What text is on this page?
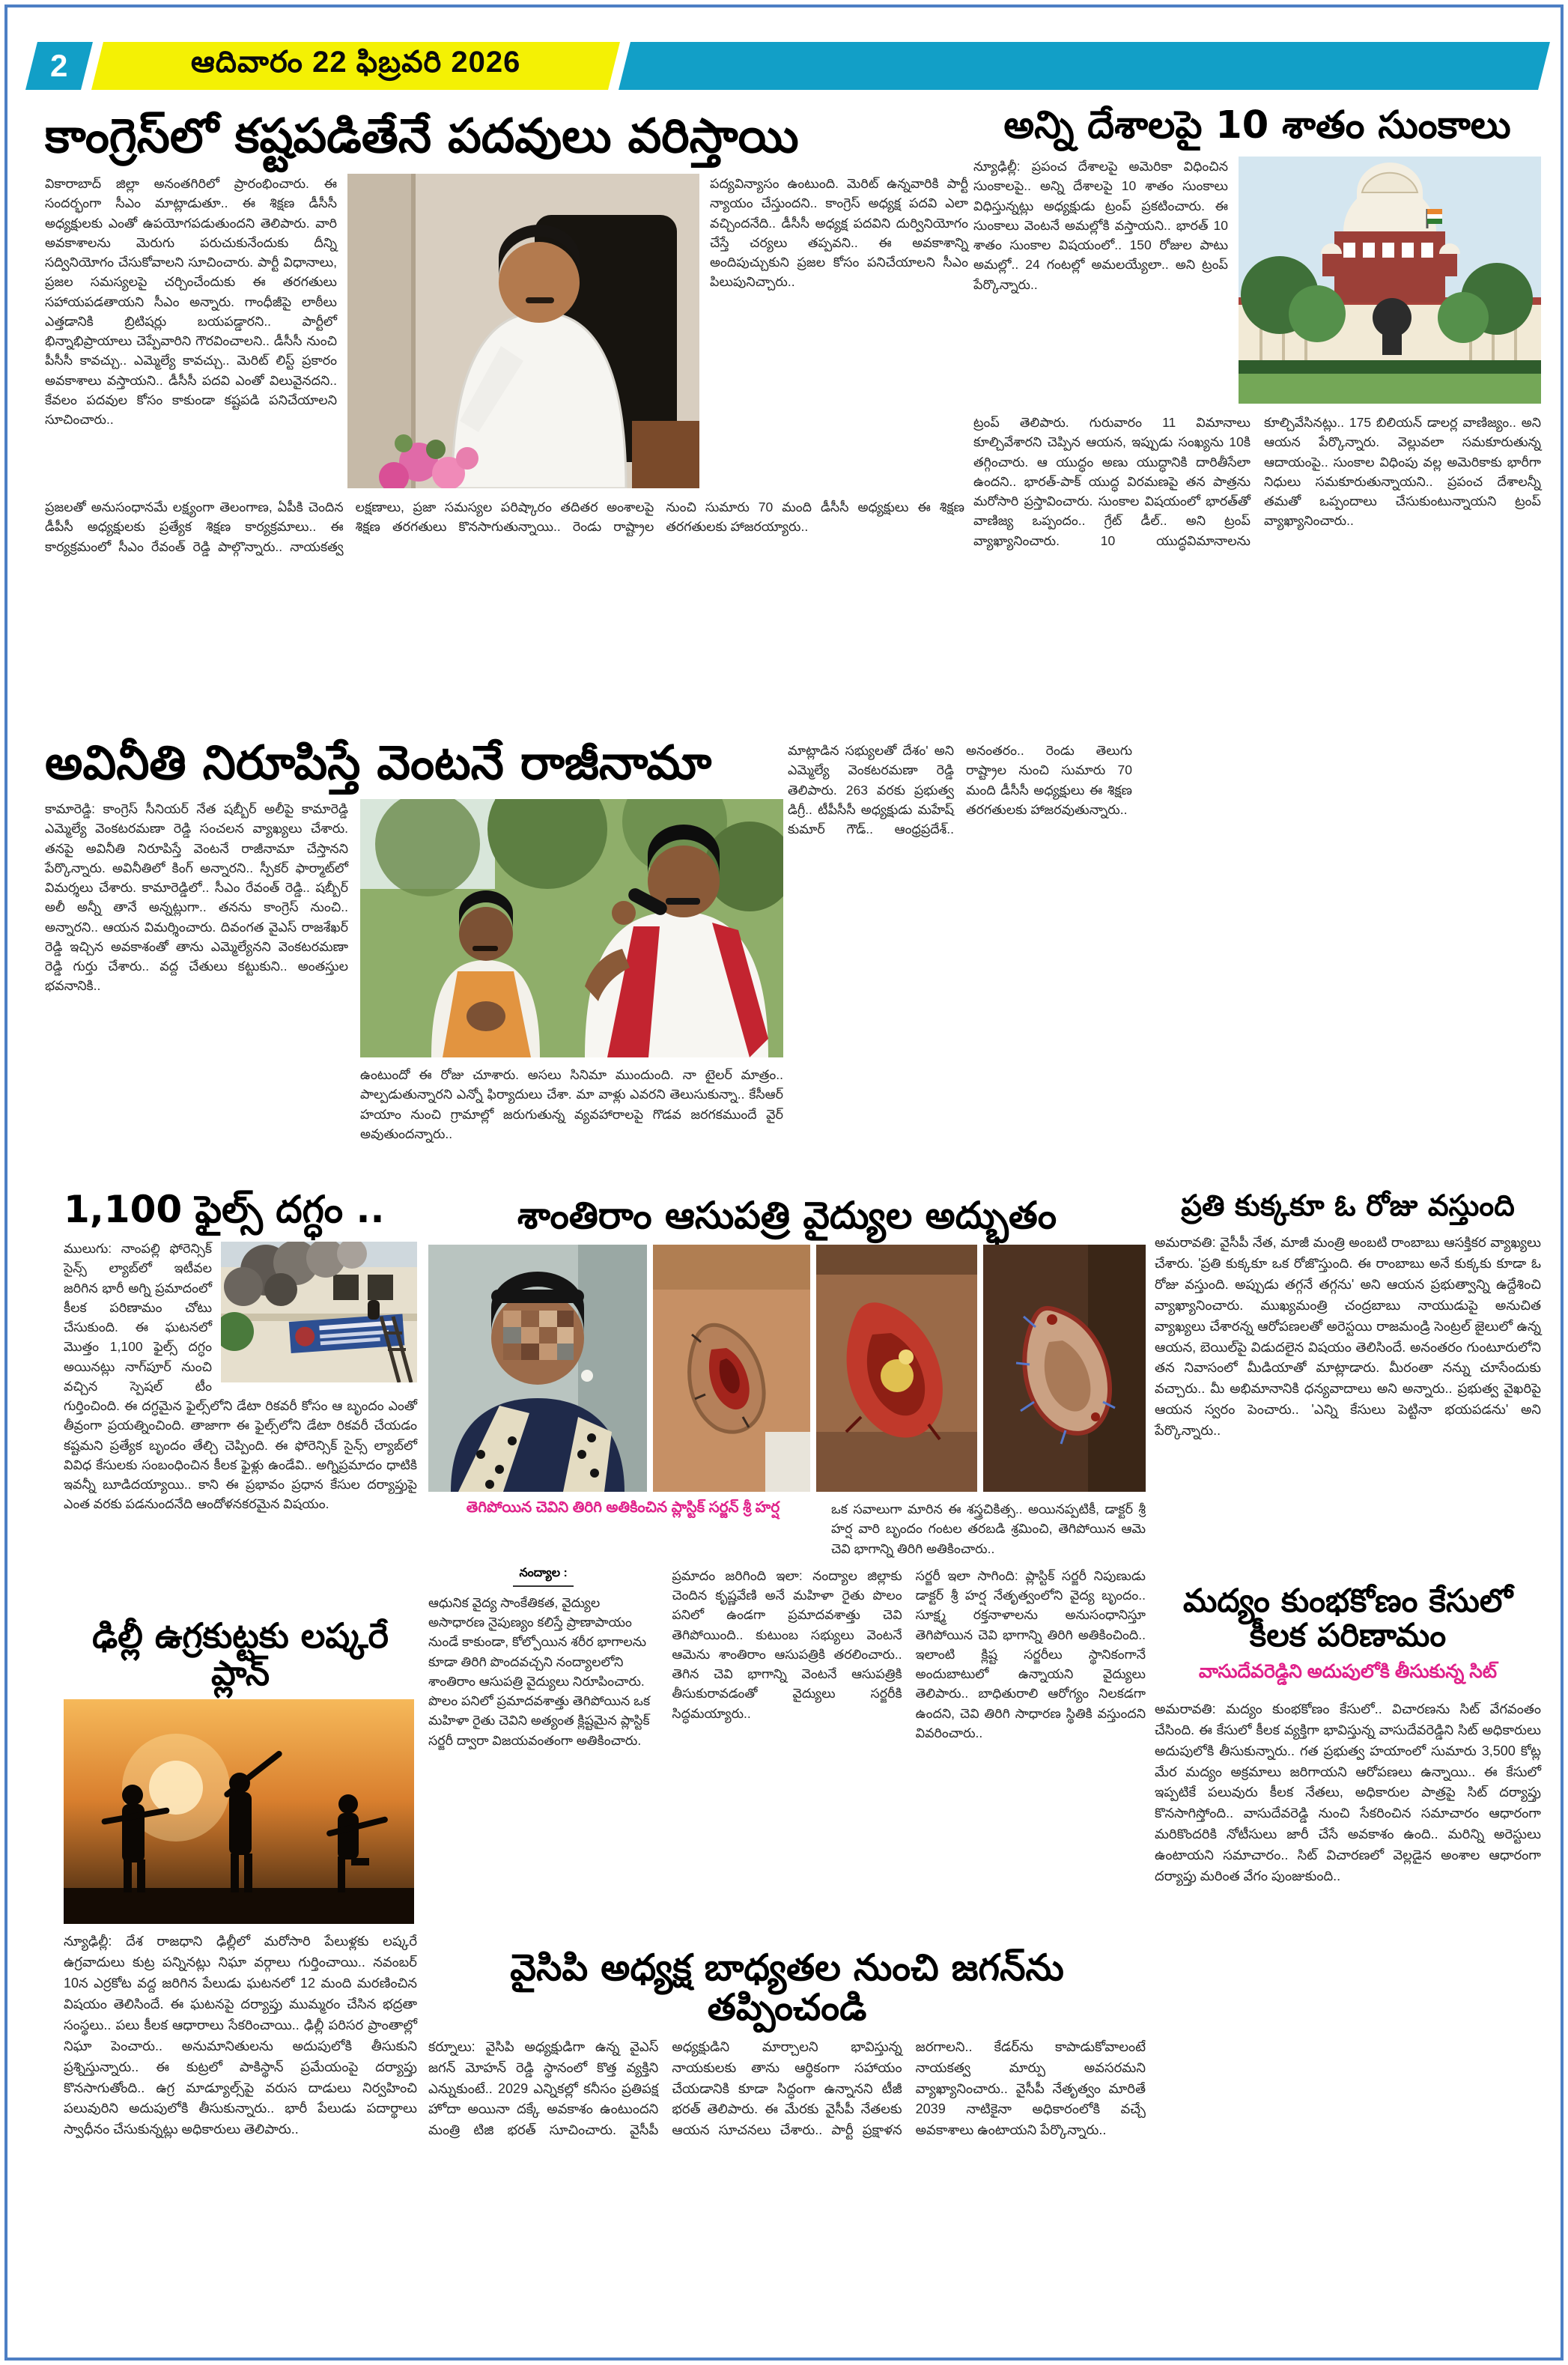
2	ఆదివారం 22 ఫిబ్రవరి 2026
కాంగ్రెస్‌లో కష్టపడితేనే పదవులు వరిస్తాయి
వికారాబాద్ జిల్లా అనంతగిరిలో ప్రారంభించారు. ఈ సందర్భంగా సీఎం మాట్లాడుతూ.. ఈ శిక్షణ డీసీసీ అధ్యక్షులకు ఎంతో ఉపయోగపడుతుందని తెలిపారు. వారి అవకాశాలను మెరుగు పరుచుకునేందుకు దీన్ని సద్వినియోగం చేసుకోవాలని సూచించారు. పార్టీ విధానాలు, ప్రజల సమస్యలపై చర్చించేందుకు ఈ తరగతులు సహాయపడతాయని సీఎం అన్నారు. గాంధీజీపై లాఠీలు ఎత్తడానికి బ్రిటిషర్లు బయపడ్డారని.. పార్టీలో భిన్నాభిప్రాయాలు చెప్పేవారిని గౌరవించాలని.. డీసీసీ నుంచి పీసీసీ కావచ్చు.. ఎమ్మెల్యే కావచ్చు.. మెరిట్ లిస్ట్ ప్రకారం అవకాశాలు వస్తాయని.. డీసీసీ పదవి ఎంతో విలువైనదని.. కేవలం పదవుల కోసం కాకుండా కష్టపడి పనిచేయాలని సూచించారు..
పద్యవిన్యాసం ఉంటుంది. మెరిట్ ఉన్నవారికి పార్టీ న్యాయం చేస్తుందని.. కాంగ్రెస్ అధ్యక్ష పదవి ఎలా వచ్చిందనేది.. డీసీసీ అధ్యక్ష పదవిని దుర్వినియోగం చేస్తే చర్యలు తప్పవని.. ఈ అవకాశాన్ని అందిపుచ్చుకుని ప్రజల కోసం పనిచేయాలని సీఎం పిలుపునిచ్చారు..
ప్రజలతో అనుసంధానమే లక్ష్యంగా తెలంగాణ, ఏపీకి చెందిన డీపీసీ అధ్యక్షులకు ప్రత్యేక శిక్షణ కార్యక్రమాలు.. ఈ కార్యక్రమంలో సీఎం రేవంత్ రెడ్డి పాల్గొన్నారు.. నాయకత్వ లక్షణాలు, ప్రజా సమస్యల పరిష్కారం తదితర అంశాలపై శిక్షణ తరగతులు కొనసాగుతున్నాయి.. రెండు రాష్ట్రాల నుంచి సుమారు 70 మంది డీసీసీ అధ్యక్షులు ఈ శిక్షణ తరగతులకు హాజరయ్యారు..
అన్ని దేశాలపై 10 శాతం సుంకాలు
న్యూఢిల్లీ: ప్రపంచ దేశాలపై అమెరికా విధించిన సుంకాలపై.. అన్ని దేశాలపై 10 శాతం సుంకాలు విధిస్తున్నట్లు అధ్యక్షుడు ట్రంప్ ప్రకటించారు. ఈ సుంకాలు వెంటనే అమల్లోకి వస్తాయని.. భారత్ 10 శాతం సుంకాల విషయంలో.. 150 రోజుల పాటు అమల్లో.. 24 గంటల్లో అమలయ్యేలా.. అని ట్రంప్ పేర్కొన్నారు..
ట్రంప్ తెలిపారు. గురువారం 11 విమానాలు కూల్చివేశారని చెప్పిన ఆయన, ఇప్పుడు సంఖ్యను 10కి తగ్గించారు. ఆ యుద్ధం అణు యుద్ధానికి దారితీసేలా ఉందని.. భారత్‌-పాక్ యుద్ధ విరమణపై తన పాత్రను మరోసారి ప్రస్తావించారు. సుంకాల విషయంలో భారత్‌తో వాణిజ్య ఒప్పందం.. గ్రేట్ డీల్.. అని ట్రంప్ వ్యాఖ్యానించారు. 10 యుద్ధవిమానాలను కూల్చివేసినట్లు.. 175 బిలియన్ డాలర్ల వాణిజ్యం.. అని ఆయన పేర్కొన్నారు. వెల్లువలా సమకూరుతున్న ఆదాయంపై.. సుంకాల విధింపు వల్ల అమెరికాకు భారీగా నిధులు సమకూరుతున్నాయని.. ప్రపంచ దేశాలన్నీ తమతో ఒప్పందాలు చేసుకుంటున్నాయని ట్రంప్ వ్యాఖ్యానించారు..
అవినీతి నిరూపిస్తే వెంటనే రాజీనామా	మాట్లాడిన సభ్యులతో దేశం' అని ఎమ్మెల్యే వెంకటరమణా రెడ్డి తెలిపారు. 263 వరకు ప్రభుత్వ డిగ్రీ.. టీపీసీసీ అధ్యక్షుడు మహేష్ కుమార్ గౌడ్.. ఆంధ్రప్రదేశ్.. అనంతరం.. రెండు తెలుగు రాష్ట్రాల నుంచి సుమారు 70 మంది డీసీసీ అధ్యక్షులు ఈ శిక్షణ తరగతులకు హాజరవుతున్నారు..
కామారెడ్డి: కాంగ్రెస్ సీనియర్ నేత షబ్బీర్ అలీపై కామారెడ్డి ఎమ్మెల్యే వెంకటరమణా రెడ్డి సంచలన వ్యాఖ్యలు చేశారు. తనపై అవినీతి నిరూపిస్తే వెంటనే రాజీనామా చేస్తానని పేర్కొన్నారు. అవినీతిలో కింగ్ అన్నారని.. స్పీకర్ ఫార్మాట్‌లో విమర్శలు చేశారు. కామారెడ్డిలో.. సీఎం రేవంత్ రెడ్డి.. షబ్బీర్ అలీ అన్నీ తానే అన్నట్లుగా.. తనను కాంగ్రెస్ నుంచి.. అన్నారని.. ఆయన విమర్శించారు. దివంగత వైఎస్ రాజశేఖర్ రెడ్డి ఇచ్చిన అవకాశంతో తాను ఎమ్మెల్యేనని వెంకటరమణా రెడ్డి గుర్తు చేశారు.. వద్ద చేతులు కట్టుకుని.. అంతస్తుల భవనానికి..
ఉంటుందో ఈ రోజు చూశారు. అసలు సినిమా ముందుంది. నా టైలర్ మాత్రం.. పాల్పడుతున్నారని ఎన్నో ఫిర్యాదులు చేశా. మా వాళ్లు ఎవరని తెలుసుకున్నా.. కేసీఆర్ హయాం నుంచి గ్రామాల్లో జరుగుతున్న వ్యవహారాలపై గొడవ జరగకముందే వైర్ అవుతుందన్నారు..
1,100 ఫైల్స్ దగ్ధం ..
ములుగు: నాంపల్లి ఫోరెన్సిక్ సైన్స్ ల్యాబ్‌లో ఇటీవల జరిగిన భారీ అగ్ని ప్రమాదంలో కీలక పరిణామం చోటు చేసుకుంది. ఈ ఘటనలో మొత్తం 1,100 ఫైల్స్ దగ్ధం అయినట్లు నాగ్‌పూర్ నుంచి వచ్చిన స్పెషల్ టీం గుర్తించింది. ఈ దగ్ధమైన ఫైల్స్‌లోని డేటా రికవరీ కోసం ఆ బృందం ఎంతో తీవ్రంగా ప్రయత్నించింది. తాజాగా ఈ ఫైల్స్‌లోని డేటా రికవరీ చేయడం కష్టమని ప్రత్యేక బృందం తేల్చి చెప్పింది. ఈ ఫోరెన్సిక్ సైన్స్ ల్యాబ్‌లో వివిధ కేసులకు సంబంధించిన కీలక ఫైళ్లు ఉండేవి.. అగ్నిప్రమాదం ధాటికి ఇవన్నీ బూడిదయ్యాయి.. కాని ఈ ప్రభావం ప్రధాన కేసుల దర్యాప్తుపై ఎంత వరకు పడనుందనేది ఆందోళనకరమైన విషయం.
ఢిల్లీ ఉగ్రకుట్టకు లష్కరే ప్లాన్
న్యూఢిల్లీ: దేశ రాజధాని ఢిల్లీలో మరోసారి పేలుళ్లకు లష్కరే ఉగ్రవాదులు కుట్ర పన్నినట్లు నిఘా వర్గాలు గుర్తించాయి.. నవంబర్ 10న ఎర్రకోట వద్ద జరిగిన పేలుడు ఘటనలో 12 మంది మరణించిన విషయం తెలిసిందే. ఈ ఘటనపై దర్యాప్తు ముమ్మరం చేసిన భద్రతా సంస్థలు.. పలు కీలక ఆధారాలు సేకరించాయి.. ఢిల్లీ పరిసర ప్రాంతాల్లో నిఘా పెంచారు.. అనుమానితులను అదుపులోకి తీసుకుని ప్రశ్నిస్తున్నారు.. ఈ కుట్రలో పాకిస్థాన్ ప్రమేయంపై దర్యాప్తు కొనసాగుతోంది.. ఉగ్ర మాడ్యూల్స్‌పై వరుస దాడులు నిర్వహించి పలువురిని అదుపులోకి తీసుకున్నారు.. భారీ పేలుడు పదార్థాలు స్వాధీనం చేసుకున్నట్లు అధికారులు తెలిపారు..
శాంతిరాం ఆసుపత్రి వైద్యుల అద్భుతం
తెగిపోయిన చెవిని తిరిగి అతికించిన ప్లాస్టిక్ సర్జన్ శ్రీ హర్ష	ఒక సవాలుగా మారిన ఈ శస్త్రచికిత్స.. అయినప్పటికీ, డాక్టర్ శ్రీ హర్ష వారి బృందం గంటల తరబడి శ్రమించి, తెగిపోయిన ఆమె చెవి భాగాన్ని తిరిగి అతికించారు..
నంద్యాల :
ఆధునిక వైద్య సాంకేతికత, వైద్యుల అసాధారణ నైపుణ్యం కలిస్తే ప్రాణాపాయం నుండే కాకుండా, కోల్పోయిన శరీర భాగాలను కూడా తిరిగి పొందవచ్చని నంద్యాలలోని శాంతిరాం ఆసుపత్రి వైద్యులు నిరూపించారు. పొలం పనిలో ప్రమాదవశాత్తు తెగిపోయిన ఒక మహిళా రైతు చెవిని అత్యంత క్లిష్టమైన ప్లాస్టిక్ సర్జరీ ద్వారా విజయవంతంగా అతికించారు.
ప్రమాదం జరిగింది ఇలా: నంద్యాల జిల్లాకు చెందిన కృష్ణవేణి అనే మహిళా రైతు పొలం పనిలో ఉండగా ప్రమాదవశాత్తు చెవి తెగిపోయింది.. కుటుంబ సభ్యులు వెంటనే ఆమెను శాంతిరాం ఆసుపత్రికి తరలించారు.. తెగిన చెవి భాగాన్ని వెంటనే ఆసుపత్రికి తీసుకురావడంతో వైద్యులు సర్జరీకి సిద్ధమయ్యారు..
సర్జరీ ఇలా సాగింది: ప్లాస్టిక్ సర్జరీ నిపుణుడు డాక్టర్ శ్రీ హర్ష నేతృత్వంలోని వైద్య బృందం.. సూక్ష్మ రక్తనాళాలను అనుసంధానిస్తూ తెగిపోయిన చెవి భాగాన్ని తిరిగి అతికించింది.. ఇలాంటి క్లిష్ట సర్జరీలు స్థానికంగానే అందుబాటులో ఉన్నాయని వైద్యులు తెలిపారు.. బాధితురాలి ఆరోగ్యం నిలకడగా ఉందని, చెవి తిరిగి సాధారణ స్థితికి వస్తుందని వివరించారు..
వైసిపి అధ్యక్ష బాధ్యతల నుంచి జగన్‌ను తప్పించండి
కర్నూలు: వైసిపి అధ్యక్షుడిగా ఉన్న వైఎస్ జగన్ మోహన్ రెడ్డి స్థానంలో కొత్త వ్యక్తిని ఎన్నుకుంటే.. 2029 ఎన్నికల్లో కనీసం ప్రతిపక్ష హోదా అయినా దక్కే అవకాశం ఉంటుందని మంత్రి టిజి భరత్ సూచించారు. వైసీపీ అధ్యక్షుడిని మార్చాలని భావిస్తున్న నాయకులకు తాను ఆర్థికంగా సహాయం చేయడానికి కూడా సిద్ధంగా ఉన్నానని టీజీ భరత్ తెలిపారు. ఈ మేరకు వైసీపీ నేతలకు ఆయన సూచనలు చేశారు.. పార్టీ ప్రక్షాళన జరగాలని.. కేడర్‌ను కాపాడుకోవాలంటే నాయకత్వ మార్పు అవసరమని వ్యాఖ్యానించారు.. వైసీపీ నేతృత్వం మారితే 2039 నాటికైనా అధికారంలోకి వచ్చే అవకాశాలు ఉంటాయని పేర్కొన్నారు..
ప్రతి కుక్కకూ ఓ రోజు వస్తుంది
అమరావతి: వైసీపీ నేత, మాజీ మంత్రి అంబటి రాంబాబు ఆసక్తికర వ్యాఖ్యలు చేశారు. 'ప్రతి కుక్కకూ ఒక రోజొస్తుంది. ఈ రాంబాబు అనే కుక్కకు కూడా ఓ రోజు వస్తుంది. అప్పుడు తగ్గనే తగ్గను' అని ఆయన ప్రభుత్వాన్ని ఉద్దేశించి వ్యాఖ్యానించారు. ముఖ్యమంత్రి చంద్రబాబు నాయుడుపై అనుచిత వ్యాఖ్యలు చేశారన్న ఆరోపణలతో అరెస్టయి రాజమండ్రి సెంట్రల్ జైలులో ఉన్న ఆయన, బెయిల్‌పై విడుదలైన విషయం తెలిసిందే. అనంతరం గుంటూరులోని తన నివాసంలో మీడియాతో మాట్లాడారు. మీరంతా నన్ను చూసేందుకు వచ్చారు.. మీ అభిమానానికి ధన్యవాదాలు అని అన్నారు.. ప్రభుత్వ వైఖరిపై ఆయన స్వరం పెంచారు.. 'ఎన్ని కేసులు పెట్టినా భయపడను' అని పేర్కొన్నారు..
మద్యం కుంభకోణం కేసులో కీలక పరిణామం
వాసుదేవరెడ్డిని అదుపులోకి తీసుకున్న సిట్
అమరావతి: మద్యం కుంభకోణం కేసులో.. విచారణను సిట్ వేగవంతం చేసింది. ఈ కేసులో కీలక వ్యక్తిగా భావిస్తున్న వాసుదేవరెడ్డిని సిట్ అధికారులు అదుపులోకి తీసుకున్నారు.. గత ప్రభుత్వ హయాంలో సుమారు 3,500 కోట్ల మేర మద్యం అక్రమాలు జరిగాయని ఆరోపణలు ఉన్నాయి.. ఈ కేసులో ఇప్పటికే పలువురు కీలక నేతలు, అధికారుల పాత్రపై సిట్ దర్యాప్తు కొనసాగిస్తోంది.. వాసుదేవరెడ్డి నుంచి సేకరించిన సమాచారం ఆధారంగా మరికొందరికి నోటీసులు జారీ చేసే అవకాశం ఉంది.. మరిన్ని అరెస్టులు ఉంటాయని సమాచారం.. సిట్ విచారణలో వెల్లడైన అంశాల ఆధారంగా దర్యాప్తు మరింత వేగం పుంజుకుంది..
